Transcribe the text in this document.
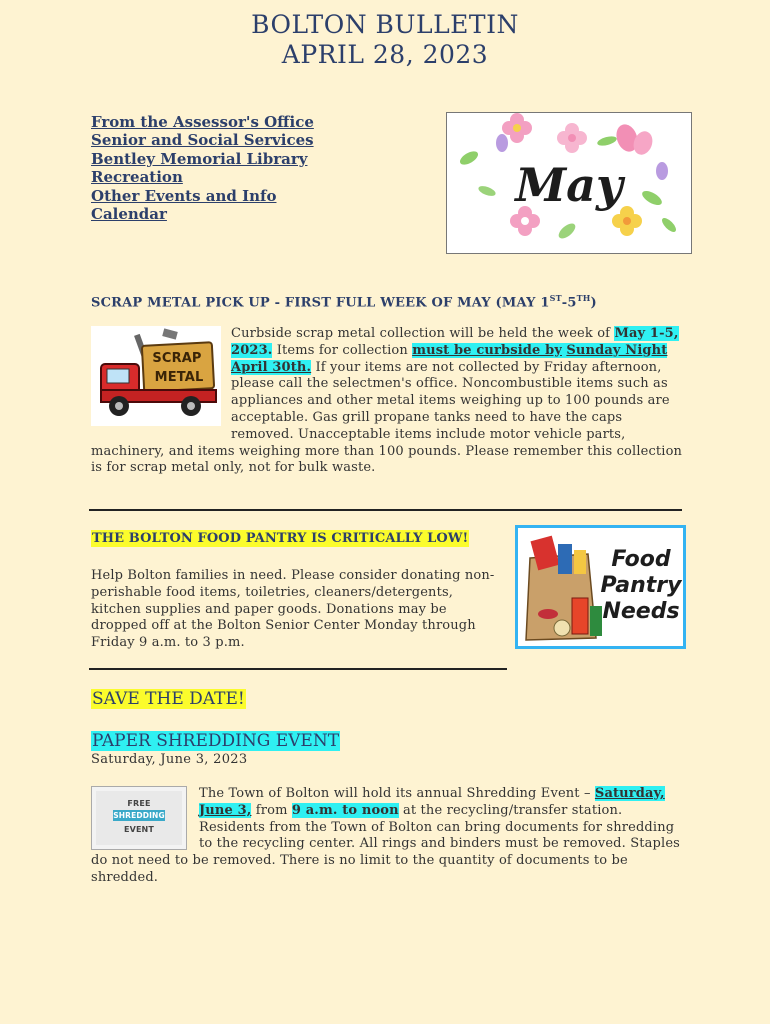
BOLTON BULLETIN
APRIL 28, 2023
From the Assessor's Office
Senior and Social Services
Bentley Memorial Library
Recreation
Other Events and Info
Calendar
May
SCRAP METAL PICK UP - FIRST FULL WEEK OF MAY (MAY 1ST-5TH)
SCRAP
METAL
Curbside scrap metal collection will be held the week of May 1-5, 2023. Items for collection must be curbside by Sunday Night April 30th. If your items are not collected by Friday afternoon, please call the selectmen's office. Noncombustible items such as appliances and other metal items weighing up to 100 pounds are acceptable. Gas grill propane tanks need to have the caps removed. Unacceptable items include motor vehicle parts, machinery, and items weighing more than 100 pounds. Please remember this collection is for scrap metal only, not for bulk waste.
THE BOLTON FOOD PANTRY IS CRITICALLY LOW!
Help Bolton families in need. Please consider donating non-perishable food items, toiletries, cleaners/detergents, kitchen supplies and paper goods. Donations may be dropped off at the Bolton Senior Center Monday through Friday 9 a.m. to 3 p.m.
Food
Pantry
Needs
SAVE THE DATE!
PAPER SHREDDING EVENT
Saturday, June 3, 2023
FREE
SHREDDING
EVENT
The Town of Bolton will hold its annual Shredding Event – Saturday, June 3, from 9 a.m. to noon at the recycling/transfer station. Residents from the Town of Bolton can bring documents for shredding to the recycling center. All rings and binders must be removed. Staples do not need to be removed. There is no limit to the quantity of documents to be shredded.
